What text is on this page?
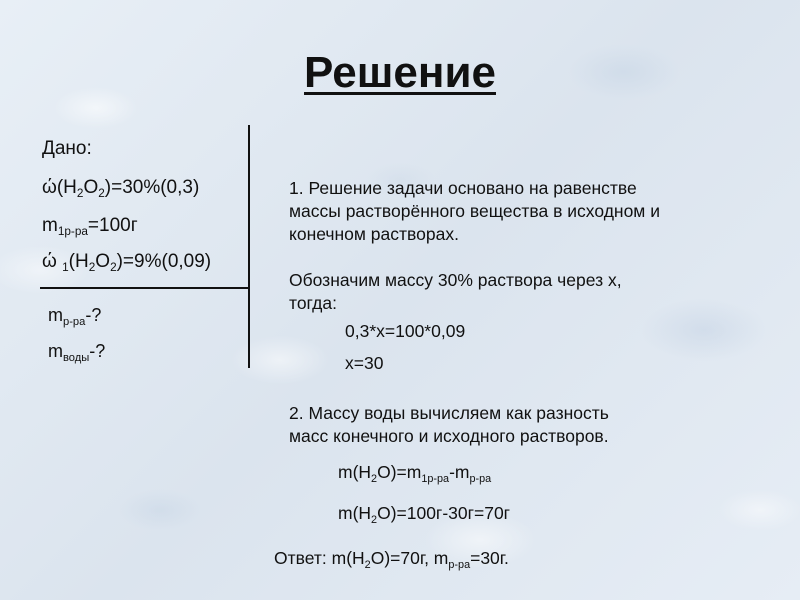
Решение
Дано:
$ώ(H_2O_2)=30\%(0,3)$
$m_{1р-ра}=100г$
ώ $_1(H_2O_2)=9\%(0,09)$
$m_{р-ра}-$?
$m_{воды}-$?
1. Решение задачи основано на равенстве
массы растворённого вещества в исходном и
конечном растворах.
Обозначим массу 30% раствора через х,
тогда:
0,3*х=100*0,09
х=30
2. Массу воды вычисляем как разность
масс конечного и исходного растворов.
$m(H_2O)=m_{1р-ра}-m_{р-ра}$
$m(H_2O)=100г-30г=70г$
Ответ: $m(H_2O)=70г$, $m_{р-ра}=30г$.
